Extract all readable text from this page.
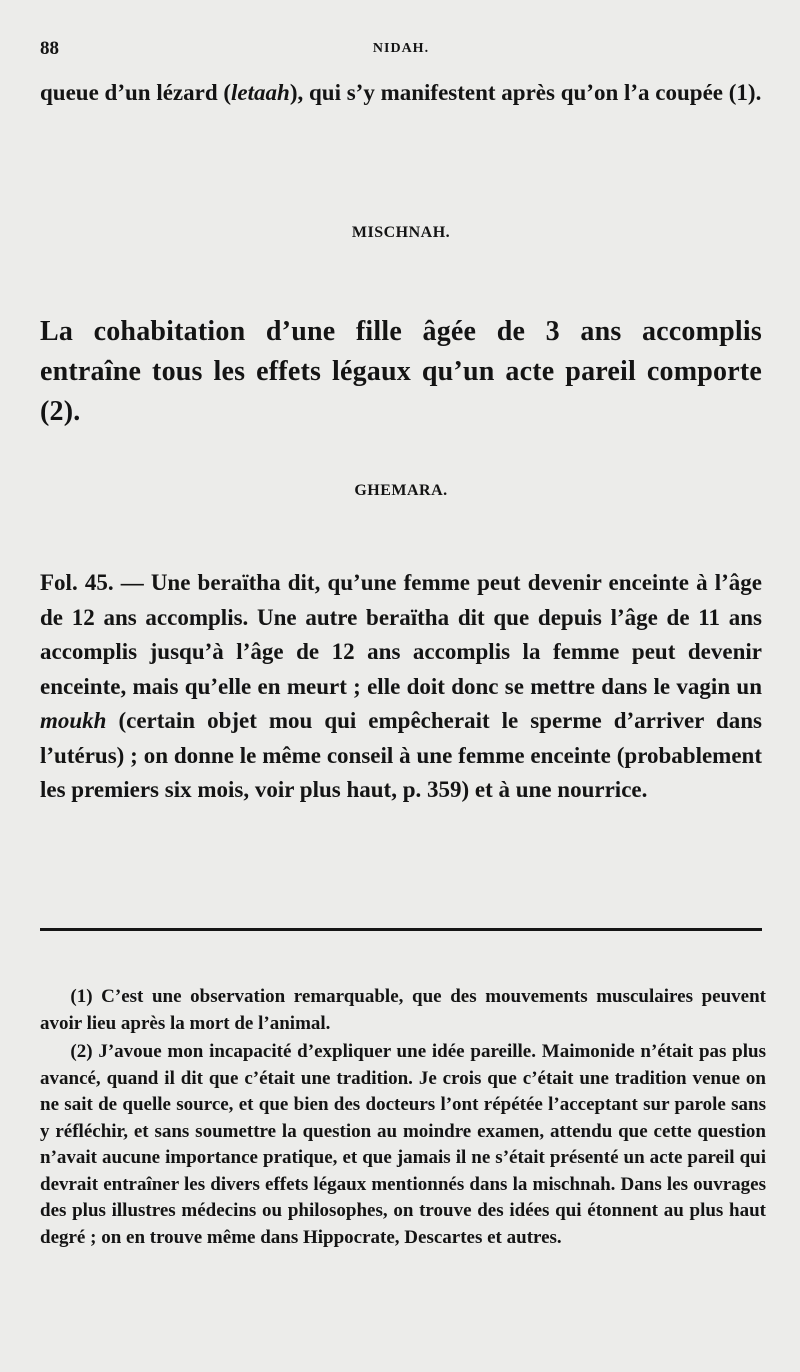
88	NIDAH.

queue d’un lézard (letaah), qui s’y manifestent après qu’on l’a coupée (1).

MISCHNAH.

La cohabitation d’une fille âgée de 3 ans accomplis entraîne tous les effets légaux qu’un acte pareil comporte (2).

GHEMARA.

Fol. 45. — Une beraïtha dit, qu’une femme peut devenir enceinte à l’âge de 12 ans accomplis. Une autre beraïtha dit que depuis l’âge de 11 ans accomplis jusqu’à l’âge de 12 ans accomplis la femme peut devenir enceinte, mais qu’elle en meurt ; elle doit donc se mettre dans le vagin un moukh (certain objet mou qui empêcherait le sperme d’arriver dans l’utérus) ; on donne le même conseil à une femme enceinte (probablement les premiers six mois, voir plus haut, p. 359) et à une nourrice.

(1) C’est une observation remarquable, que des mouvements musculaires peuvent avoir lieu après la mort de l’animal.

(2) J’avoue mon incapacité d’expliquer une idée pareille. Maimonide n’était pas plus avancé, quand il dit que c’était une tradition. Je crois que c’était une tradition venue on ne sait de quelle source, et que bien des docteurs l’ont répétée l’acceptant sur parole sans y réfléchir, et sans soumettre la question au moindre examen, attendu que cette question n’avait aucune importance pratique, et que jamais il ne s’était présenté un acte pareil qui devrait entraîner les divers effets légaux mentionnés dans la mischnah. Dans les ouvrages des plus illustres médecins ou philosophes, on trouve des idées qui étonnent au plus haut degré ; on en trouve même dans Hippocrate, Descartes et autres.
